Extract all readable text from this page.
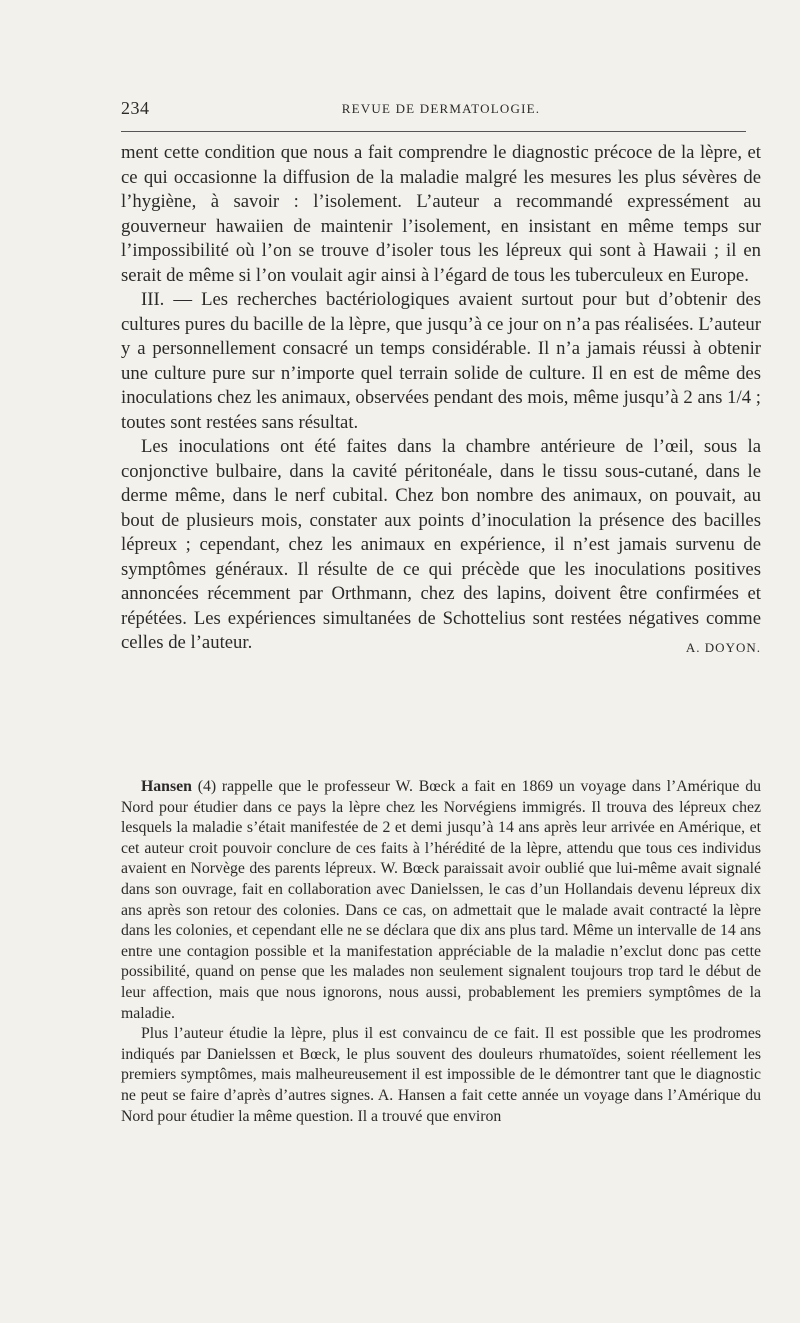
234	REVUE DE DERMATOLOGIE.

ment cette condition que nous a fait comprendre le diagnostic précoce de la lèpre, et ce qui occasionne la diffusion de la maladie malgré les mesures les plus sévères de l’hygiène, à savoir : l’isolement. L’auteur a recommandé expressément au gouverneur hawaiien de maintenir l’isolement, en insistant en même temps sur l’impossibilité où l’on se trouve d’isoler tous les lépreux qui sont à Hawaii ; il en serait de même si l’on voulait agir ainsi à l’égard de tous les tuberculeux en Europe.

III. — Les recherches bactériologiques avaient surtout pour but d’obtenir des cultures pures du bacille de la lèpre, que jusqu’à ce jour on n’a pas réalisées. L’auteur y a personnellement consacré un temps considérable. Il n’a jamais réussi à obtenir une culture pure sur n’importe quel terrain solide de culture. Il en est de même des inoculations chez les animaux, observées pendant des mois, même jusqu’à 2 ans 1/4 ; toutes sont restées sans résultat.

Les inoculations ont été faites dans la chambre antérieure de l’œil, sous la conjonctive bulbaire, dans la cavité péritonéale, dans le tissu sous-cutané, dans le derme même, dans le nerf cubital. Chez bon nombre des animaux, on pouvait, au bout de plusieurs mois, constater aux points d’inoculation la présence des bacilles lépreux ; cependant, chez les animaux en expérience, il n’est jamais survenu de symptômes généraux. Il résulte de ce qui précède que les inoculations positives annoncées récemment par Orthmann, chez des lapins, doivent être confirmées et répétées. Les expériences simultanées de Schottelius sont restées négatives comme celles de l’auteur.	A. DOYON.

Hansen (4) rappelle que le professeur W. Bœck a fait en 1869 un voyage dans l’Amérique du Nord pour étudier dans ce pays la lèpre chez les Norvégiens immigrés. Il trouva des lépreux chez lesquels la maladie s’était manifestée de 2 et demi jusqu’à 14 ans après leur arrivée en Amérique, et cet auteur croit pouvoir conclure de ces faits à l’hérédité de la lèpre, attendu que tous ces individus avaient en Norvège des parents lépreux. W. Bœck paraissait avoir oublié que lui-même avait signalé dans son ouvrage, fait en collaboration avec Danielssen, le cas d’un Hollandais devenu lépreux dix ans après son retour des colonies. Dans ce cas, on admettait que le malade avait contracté la lèpre dans les colonies, et cependant elle ne se déclara que dix ans plus tard. Même un intervalle de 14 ans entre une contagion possible et la manifestation appréciable de la maladie n’exclut donc pas cette possibilité, quand on pense que les malades non seulement signalent toujours trop tard le début de leur affection, mais que nous ignorons, nous aussi, probablement les premiers symptômes de la maladie.

Plus l’auteur étudie la lèpre, plus il est convaincu de ce fait. Il est possible que les prodromes indiqués par Danielssen et Bœck, le plus souvent des douleurs rhumatoïdes, soient réellement les premiers symptômes, mais malheureusement il est impossible de le démontrer tant que le diagnostic ne peut se faire d’après d’autres signes. A. Hansen a fait cette année un voyage dans l’Amérique du Nord pour étudier la même question. Il a trouvé que environ
